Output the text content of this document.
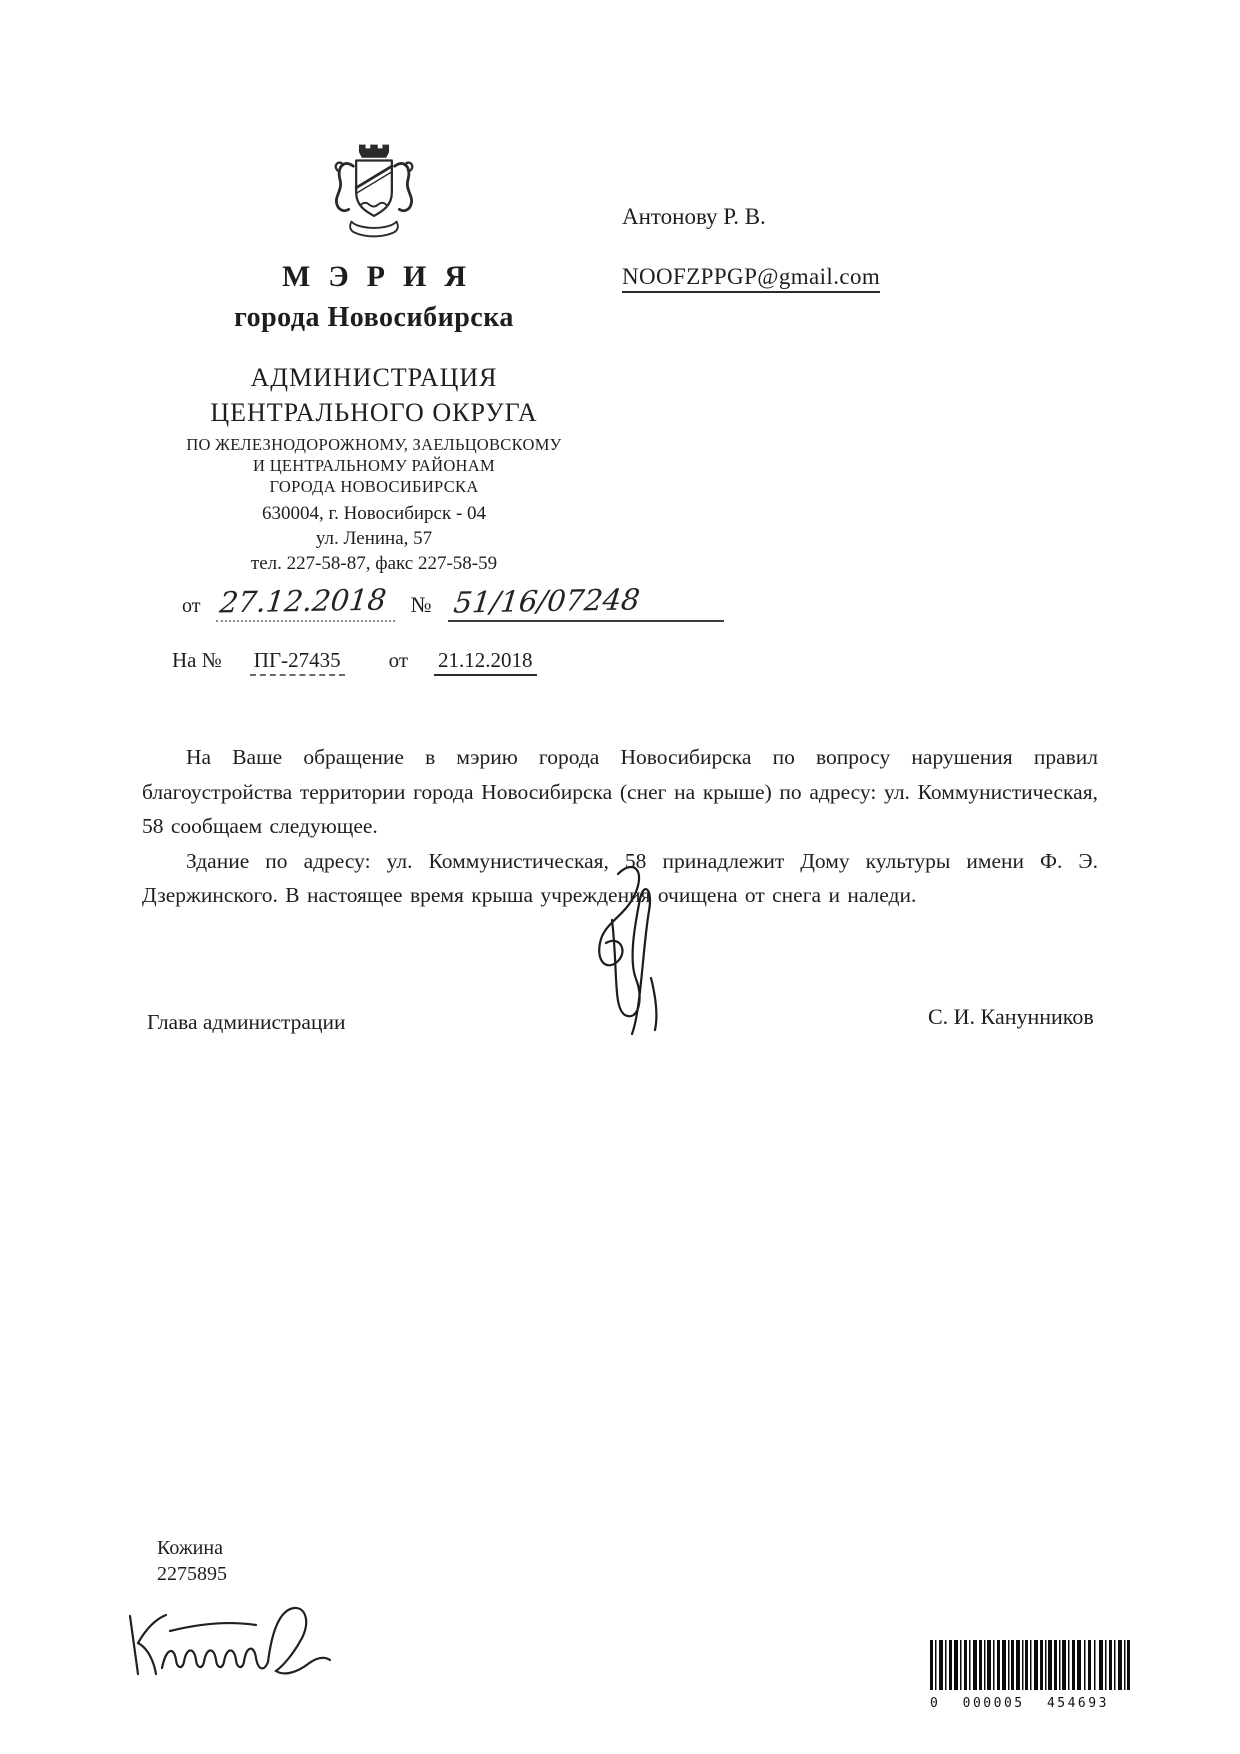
МЭРИЯ
города Новосибирска
АДМИНИСТРАЦИЯ
ЦЕНТРАЛЬНОГО ОКРУГА
ПО ЖЕЛЕЗНОДОРОЖНОМУ, ЗАЕЛЬЦОВСКОМУ
И ЦЕНТРАЛЬНОМУ РАЙОНАМ
ГОРОДА НОВОСИБИРСКА
630004, г. Новосибирск - 04
ул. Ленина, 57
тел. 227-58-87, факс 227-58-59
от 27.12.2018 № 51/16/07248
На № ПГ-27435 от 21.12.2018
Антонову Р. В.
NOOFZPPGP@gmail.com

На Ваше обращение в мэрию города Новосибирска по вопросу нарушения правил благоустройства территории города Новосибирска (снег на крыше) по адресу: ул. Коммунистическая, 58 сообщаем следующее.

Здание по адресу: ул. Коммунистическая, 58 принадлежит Дому культуры имени Ф. Э. Дзержинского. В настоящее время крыша учреждения очищена от снега и наледи.

Глава администрации	С. И. Канунников
Кожина
2275895
0 000005 454693
